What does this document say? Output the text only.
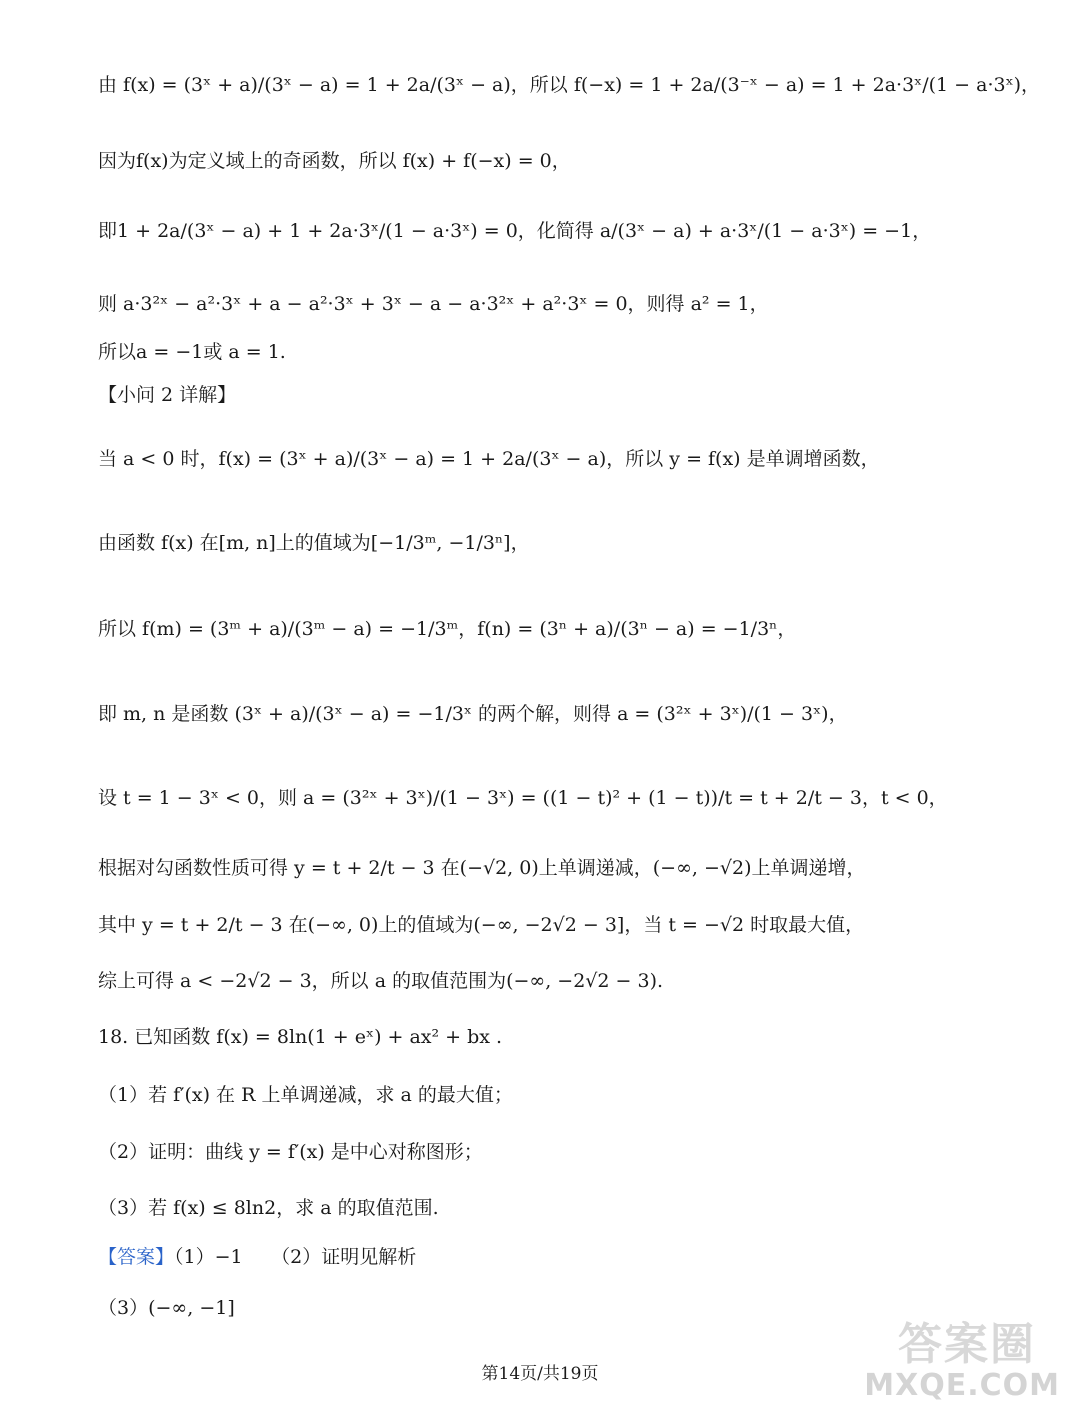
由 f(x) = (3ˣ + a)/(3ˣ − a) = 1 + 2a/(3ˣ − a)，所以 f(−x) = 1 + 2a/(3⁻ˣ − a) = 1 + 2a·3ˣ/(1 − a·3ˣ)，
因为f(x)为定义域上的奇函数，所以 f(x) + f(−x) = 0，
即1 + 2a/(3ˣ − a) + 1 + 2a·3ˣ/(1 − a·3ˣ) = 0，化简得 a/(3ˣ − a) + a·3ˣ/(1 − a·3ˣ) = −1，
则 a·3²ˣ − a²·3ˣ + a − a²·3ˣ + 3ˣ − a − a·3²ˣ + a²·3ˣ = 0，则得 a² = 1，
所以a = −1或 a = 1.
【小问 2 详解】
当 a < 0 时，f(x) = (3ˣ + a)/(3ˣ − a) = 1 + 2a/(3ˣ − a)，所以 y = f(x) 是单调增函数，
由函数 f(x) 在[m, n]上的值域为[−1/3ᵐ, −1/3ⁿ]，
所以 f(m) = (3ᵐ + a)/(3ᵐ − a) = −1/3ᵐ，f(n) = (3ⁿ + a)/(3ⁿ − a) = −1/3ⁿ，
即 m, n 是函数 (3ˣ + a)/(3ˣ − a) = −1/3ˣ 的两个解，则得 a = (3²ˣ + 3ˣ)/(1 − 3ˣ)，
设 t = 1 − 3ˣ < 0，则 a = (3²ˣ + 3ˣ)/(1 − 3ˣ) = ((1 − t)² + (1 − t))/t = t + 2/t − 3，t < 0，
根据对勾函数性质可得 y = t + 2/t − 3 在(−√2, 0)上单调递减，(−∞, −√2)上单调递增，
其中 y = t + 2/t − 3 在(−∞, 0)上的值域为(−∞, −2√2 − 3]，当 t = −√2 时取最大值，
综上可得 a < −2√2 − 3，所以 a 的取值范围为(−∞, −2√2 − 3).
18. 已知函数 f(x) = 8ln(1 + eˣ) + ax² + bx .
（1）若 f′(x) 在 R 上单调递减，求 a 的最大值；
（2）证明：曲线 y = f′(x) 是中心对称图形；
（3）若 f(x) ≤ 8ln2，求 a 的取值范围.
【答案】（1）−1　　（2）证明见解析
（3）(−∞, −1]
第14页/共19页
答案圈
MXQE.COM
